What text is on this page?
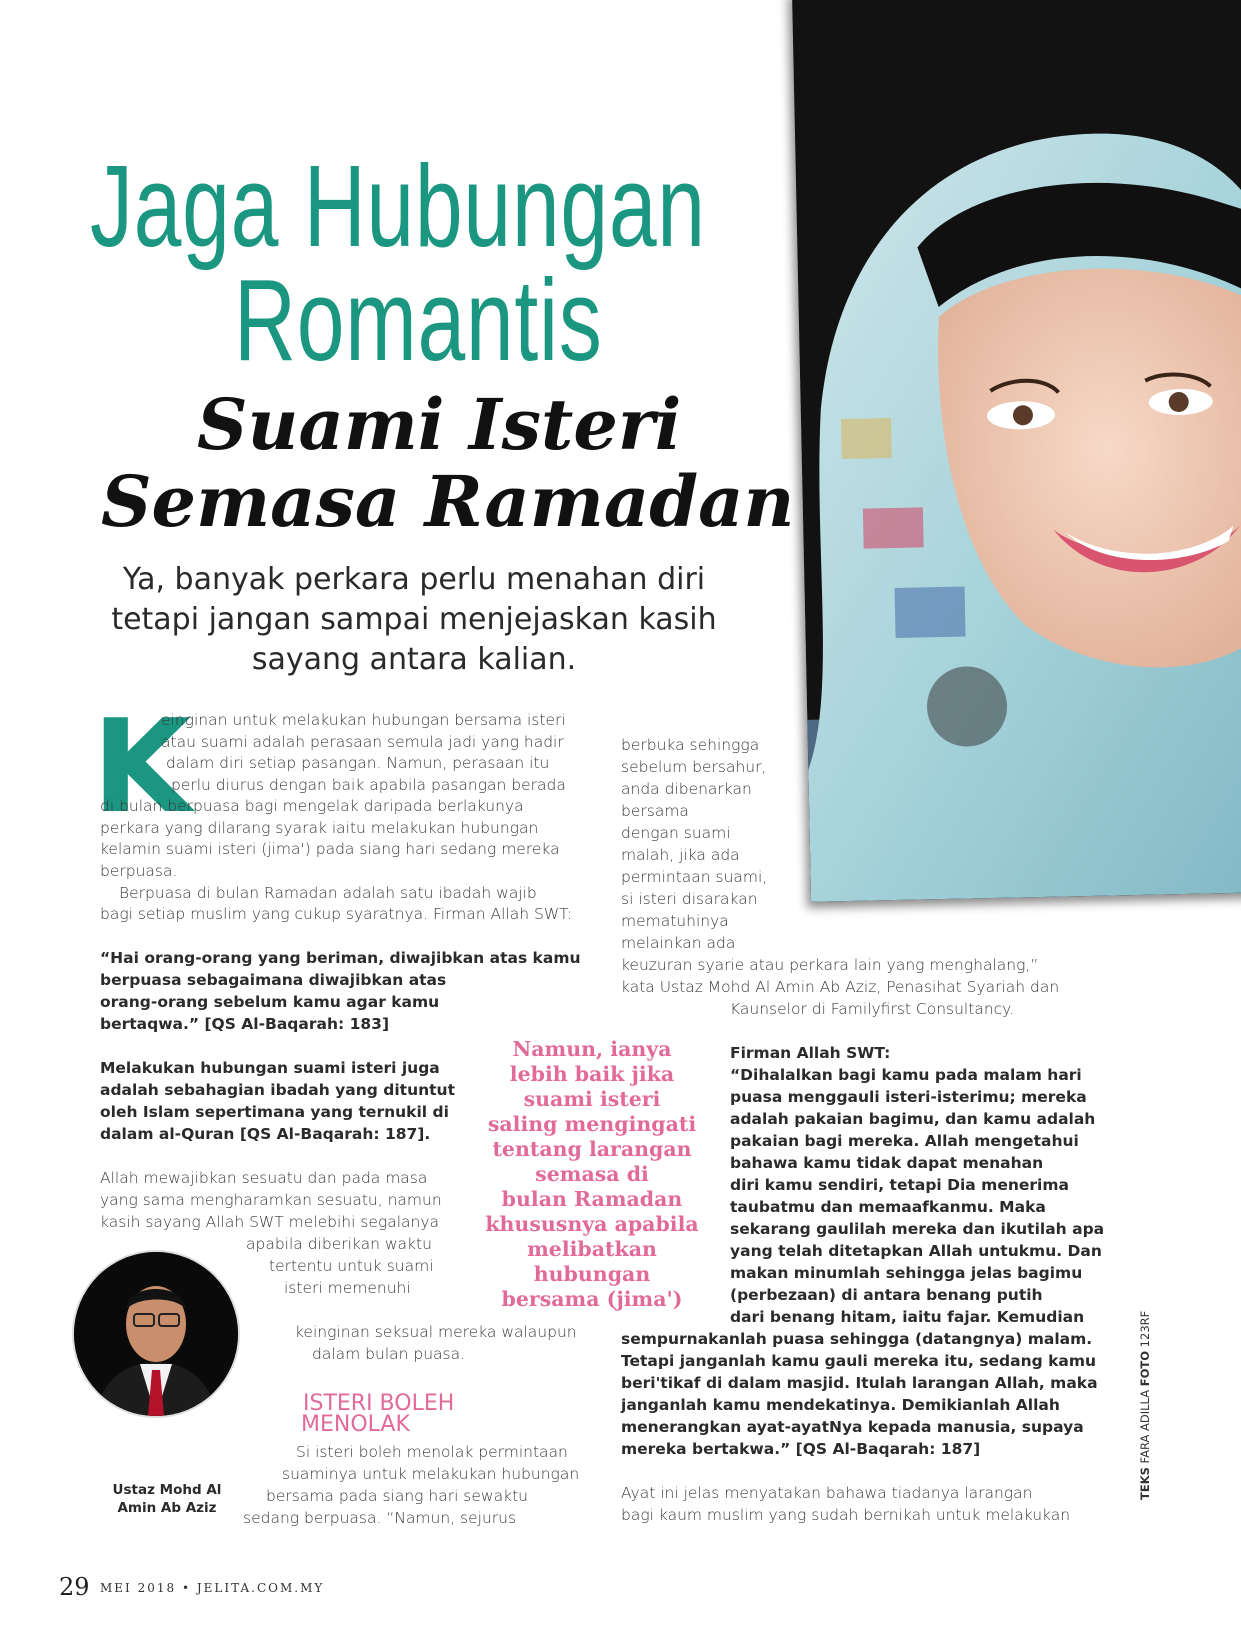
Jaga Hubungan
Romantis
Suami Isteri
Semasa Ramadan
Ya, banyak perkara perlu menahan diri
tetapi jangan sampai menjejaskan kasih
sayang antara kalian.
K
einginan untuk melakukan hubungan bersama isteri
atau suami adalah perasaan semula jadi yang hadir
dalam diri setiap pasangan. Namun, perasaan itu
perlu diurus dengan baik apabila pasangan berada
di bulan berpuasa bagi mengelak daripada berlakunya
perkara yang dilarang syarak iaitu melakukan hubungan
kelamin suami isteri (jima') pada siang hari sedang mereka
berpuasa.
Berpuasa di bulan Ramadan adalah satu ibadah wajib
bagi setiap muslim yang cukup syaratnya. Firman Allah SWT:
“Hai orang-orang yang beriman, diwajibkan atas kamu
berpuasa sebagaimana diwajibkan atas
orang-orang sebelum kamu agar kamu
bertaqwa.” [QS Al-Baqarah: 183]
Melakukan hubungan suami isteri juga
adalah sebahagian ibadah yang dituntut
oleh Islam sepertimana yang ternukil di
dalam al-Quran [QS Al-Baqarah: 187].
Allah mewajibkan sesuatu dan pada masa
yang sama mengharamkan sesuatu, namun
kasih sayang Allah SWT melebihi segalanya
apabila diberikan waktu
tertentu untuk suami
isteri memenuhi
keinginan seksual mereka walaupun
dalam bulan puasa.
ISTERI BOLEH
MENOLAK
Si isteri boleh menolak permintaan
suaminya untuk melakukan hubungan
bersama pada siang hari sewaktu
sedang berpuasa. “Namun, sejurus
Ustaz Mohd Al
Amin Ab Aziz
Namun, ianya
lebih baik jika
suami isteri
saling mengingati
tentang larangan
semasa di
bulan Ramadan
khususnya apabila
melibatkan
hubungan
bersama (jima')
berbuka sehingga
sebelum bersahur,
anda dibenarkan
bersama
dengan suami
malah, jika ada
permintaan suami,
si isteri disarakan
mematuhinya
melainkan ada
keuzuran syarie atau perkara lain yang menghalang,”
kata Ustaz Mohd Al Amin Ab Aziz, Penasihat Syariah dan
Kaunselor di Familyfirst Consultancy.
Firman Allah SWT:
“Dihalalkan bagi kamu pada malam hari
puasa menggauli isteri-isterimu; mereka
adalah pakaian bagimu, dan kamu adalah
pakaian bagi mereka. Allah mengetahui
bahawa kamu tidak dapat menahan
diri kamu sendiri, tetapi Dia menerima
taubatmu dan memaafkanmu. Maka
sekarang gaulilah mereka dan ikutilah apa
yang telah ditetapkan Allah untukmu. Dan
makan minumlah sehingga jelas bagimu
(perbezaan) di antara benang putih
dari benang hitam, iaitu fajar. Kemudian
sempurnakanlah puasa sehingga (datangnya) malam.
Tetapi janganlah kamu gauli mereka itu, sedang kamu
beri'tikaf di dalam masjid. Itulah larangan Allah, maka
janganlah kamu mendekatinya. Demikianlah Allah
menerangkan ayat-ayatNya kepada manusia, supaya
mereka bertakwa.” [QS Al-Baqarah: 187]
Ayat ini jelas menyatakan bahawa tiadanya larangan
bagi kaum muslim yang sudah bernikah untuk melakukan
TEKS FARA ADILLA FOTO 123RF
29 MEI 2018 • JELITA.COM.MY
